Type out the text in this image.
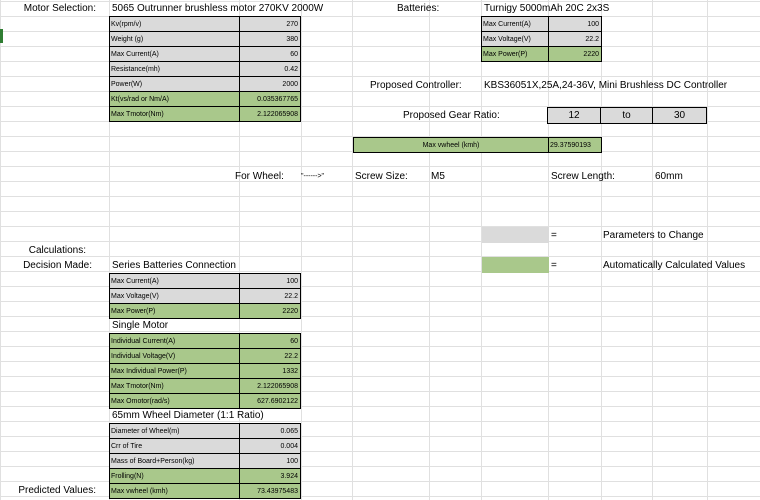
Motor Selection: 5065 Outrunner brushless motor 270KV 2000W	Batteries:	Turnigy 5000mAh 20C 2x3S
Kv(rpm/v)	270
Weight (g)	380
Max Current(A)	60
Resistance(mh)	0.42
Power(W)	2000
Kt(vs/rad or Nm/A)	0.035367765
Max Tmotor(Nm)	2.122065908
Max Current(A)	100
Max Voltage(V)	22.2
Max Power(P)	2220
Proposed Controller:	KBS36051X,25A,24-36V, Mini Brushless DC Controller
Proposed Gear Ratio:	12	to	30
Max vwheel (kmh)	29.37590193
For Wheel:	"------>"	Screw Size:	M5	Screw Length:	60mm
=	Parameters to Change
=	Automatically Calculated Values
Calculations:
Decision Made:
Predicted Values:
Series Batteries Connection
Max Current(A)	100
Max Voltage(V)	22.2
Max Power(P)	2220
Single Motor
Individual Current(A)	60
Individual Voltage(V)	22.2
Max Individual Power(P)	1332
Max Tmotor(Nm)	2.122065908
Max Omotor(rad/s)	627.6902122
65mm Wheel Diameter (1:1 Ratio)
Diameter of Wheel(m)	0.065
Crr of Tire	0.004
Mass of Board+Person(kg)	100
Frolling(N)	3.924
Max vwheel (kmh)	73.43975483
